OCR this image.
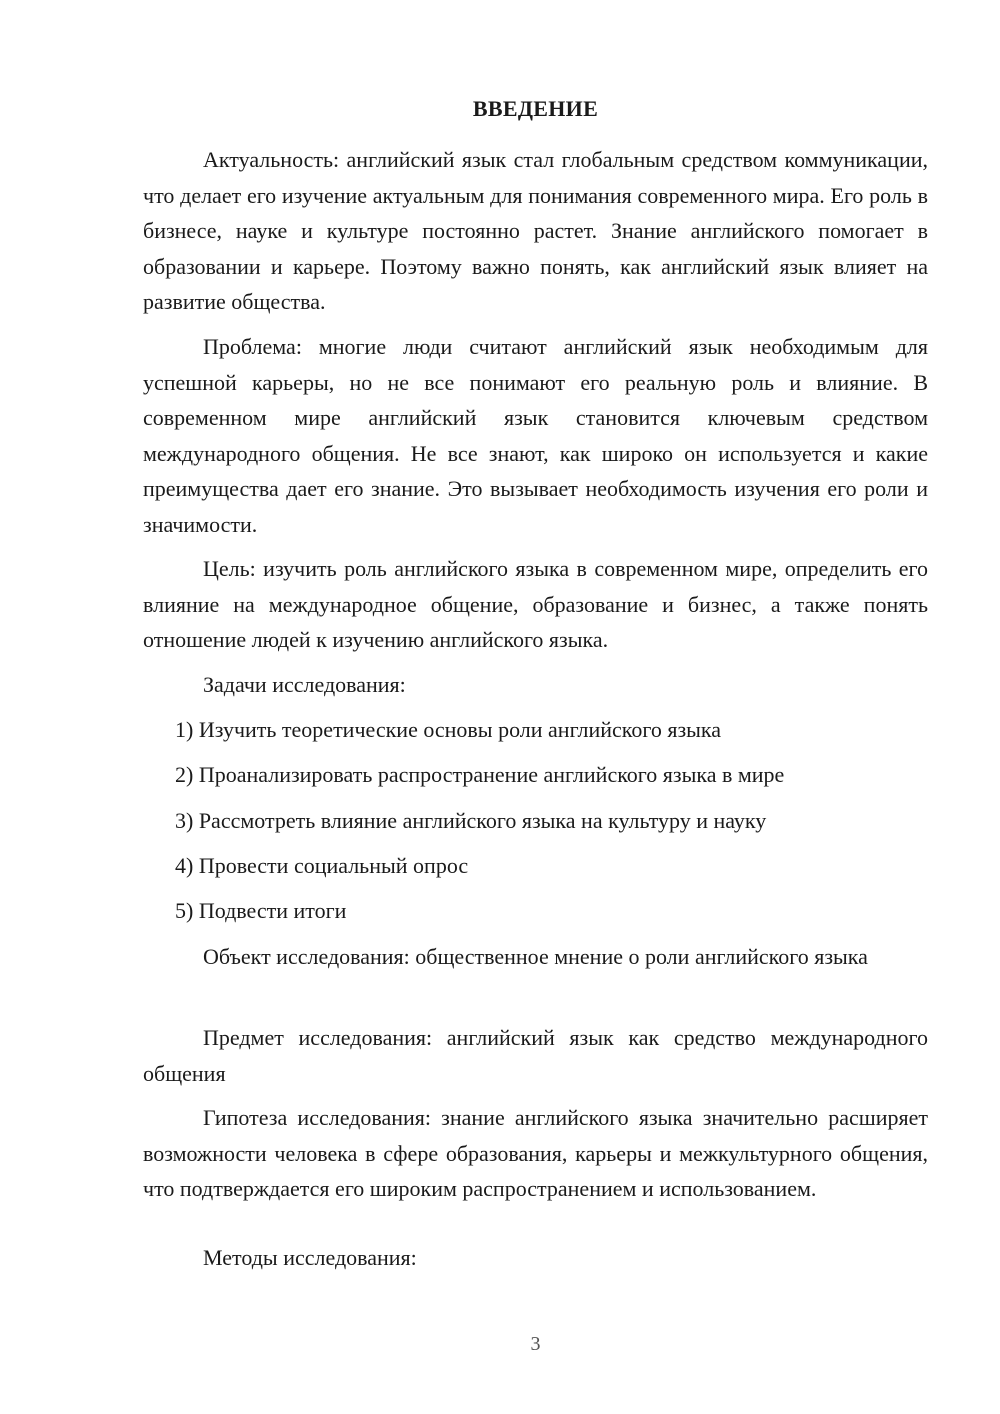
ВВЕДЕНИЕ

Актуальность: английский язык стал глобальным средством коммуникации, что делает его изучение актуальным для понимания современного мира. Его роль в бизнесе, науке и культуре постоянно растет. Знание английского помогает в образовании и карьере. Поэтому важно понять, как английский язык влияет на развитие общества.

Проблема: многие люди считают английский язык необходимым для успешной карьеры, но не все понимают его реальную роль и влияние. В современном мире английский язык становится ключевым средством международного общения. Не все знают, как широко он используется и какие преимущества дает его знание. Это вызывает необходимость изучения его роли и значимости.

Цель: изучить роль английского языка в современном мире, определить его влияние на международное общение, образование и бизнес, а также понять отношение людей к изучению английского языка.

Задачи исследования:

1) Изучить теоретические основы роли английского языка

2) Проанализировать распространение английского языка в мире

3) Рассмотреть влияние английского языка на культуру и науку

4) Провести социальный опрос

5) Подвести итоги

Объект исследования: общественное мнение о роли английского языка

Предмет исследования: английский язык как средство международного общения

Гипотеза исследования: знание английского языка значительно расширяет возможности человека в сфере образования, карьеры и межкультурного общения, что подтверждается его широким распространением и использованием.

Методы исследования:

3
